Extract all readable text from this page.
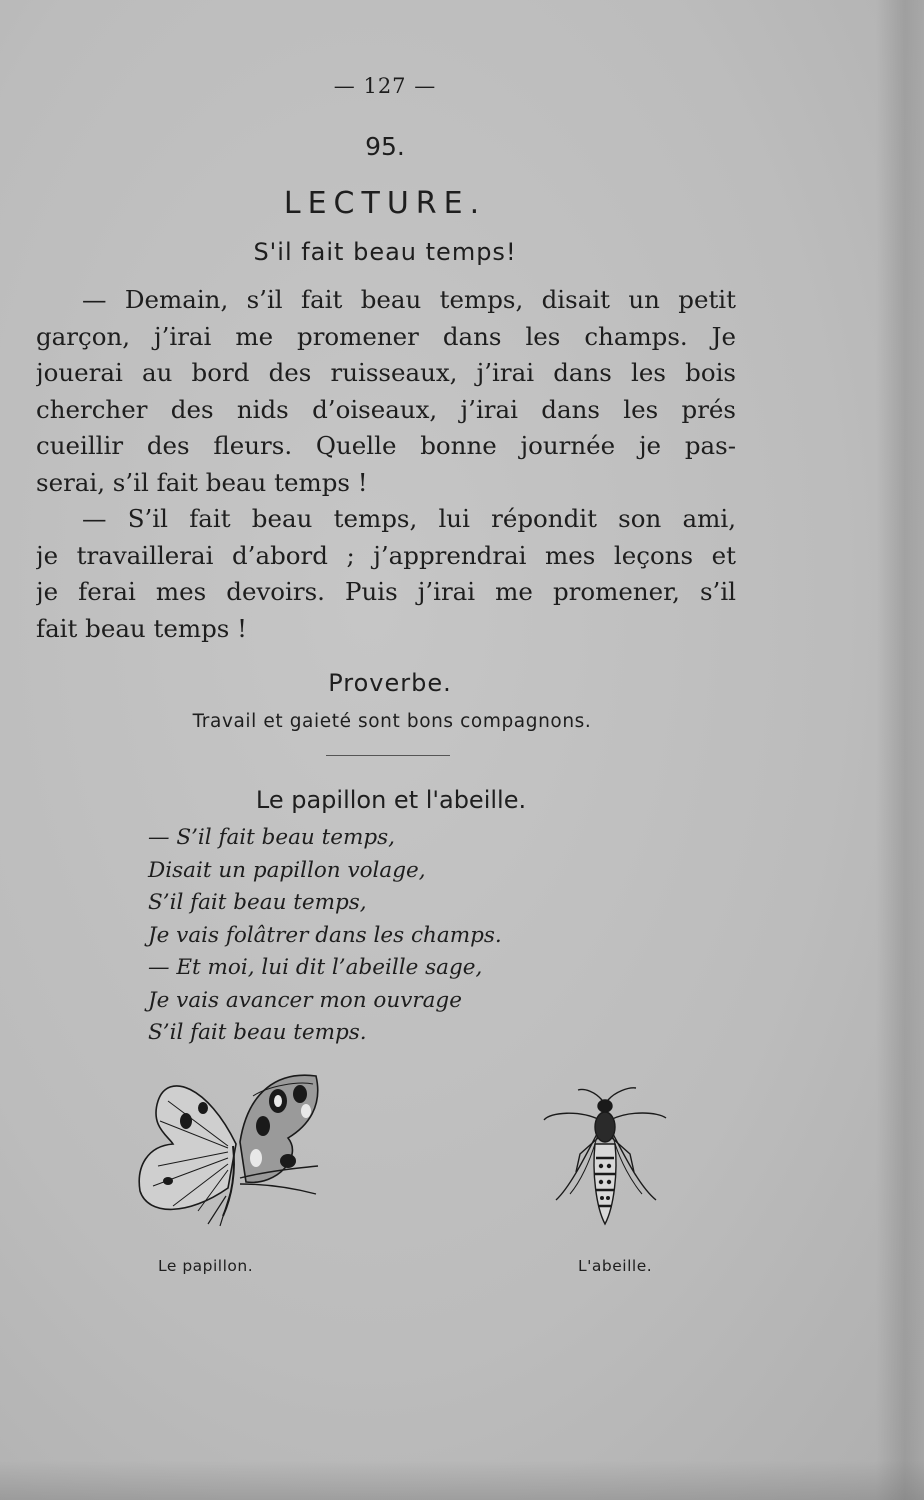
— 127 —
95.
LECTURE.
S'il fait beau temps!
— Demain, s’il fait beau temps, disait un petit
garçon, j’irai me promener dans les champs. Je
jouerai au bord des ruisseaux, j’irai dans les bois
chercher des nids d’oiseaux, j’irai dans les prés
cueillir des fleurs. Quelle bonne journée je pas-
serai, s’il fait beau temps !
— S’il fait beau temps, lui répondit son ami,
je travaillerai d’abord ; j’apprendrai mes leçons et
je ferai mes devoirs. Puis j’irai me promener, s’il
fait beau temps !
Proverbe.
Travail et gaieté sont bons compagnons.
Le papillon et l'abeille.
— S’il fait beau temps,
Disait un papillon volage,
S’il fait beau temps,
Je vais folâtrer dans les champs.
— Et moi, lui dit l’abeille sage,
Je vais avancer mon ouvrage
S’il fait beau temps.
Le papillon.	L'abeille.
